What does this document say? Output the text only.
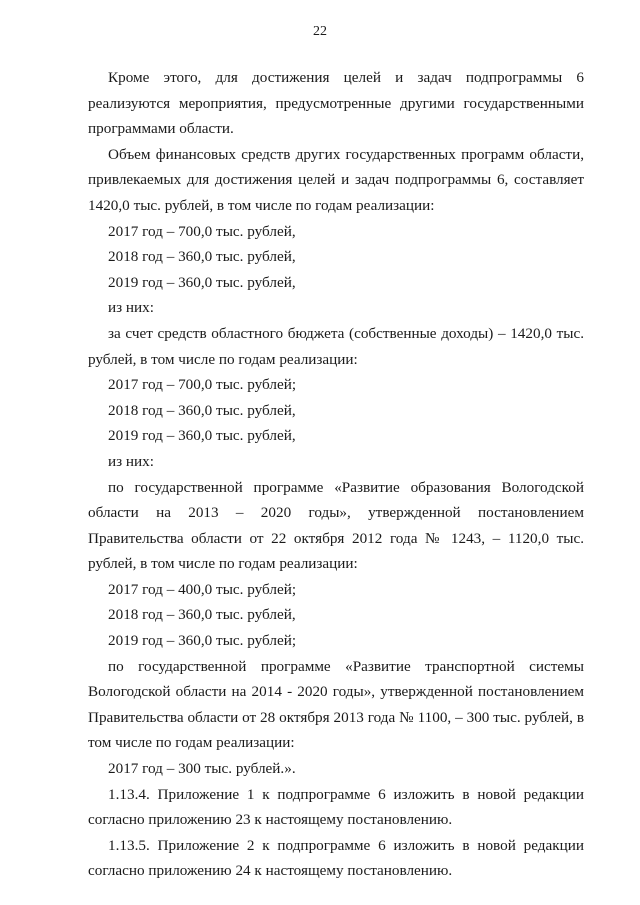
22

Кроме этого, для достижения целей и задач подпрограммы 6 реализуются мероприятия, предусмотренные другими государственными программами области.

Объем финансовых средств других государственных программ области, привлекаемых для достижения целей и задач подпрограммы 6, составляет 1420,0 тыс. рублей, в том числе по годам реализации:

2017 год – 700,0 тыс. рублей,

2018 год – 360,0 тыс. рублей,

2019 год – 360,0 тыс. рублей,

из них:

за счет средств областного бюджета (собственные доходы) – 1420,0 тыс. рублей, в том числе по годам реализации:

2017 год – 700,0 тыс. рублей;

2018 год – 360,0 тыс. рублей,

2019 год – 360,0 тыс. рублей,

из них:

по государственной программе «Развитие образования Вологодской области на 2013 – 2020 годы», утвержденной постановлением Правительства области от 22 октября 2012 года № 1243, – 1120,0 тыс. рублей, в том числе по годам реализации:

2017 год – 400,0 тыс. рублей;

2018 год – 360,0 тыс. рублей,

2019 год – 360,0 тыс. рублей;

по государственной программе «Развитие транспортной системы Вологодской области на 2014 - 2020 годы», утвержденной постановлением Правительства области от 28 октября 2013 года № 1100, – 300 тыс. рублей, в том числе по годам реализации:

2017 год – 300 тыс. рублей.».

1.13.4. Приложение 1 к подпрограмме 6 изложить в новой редакции согласно приложению 23 к настоящему постановлению.

1.13.5. Приложение 2 к подпрограмме 6 изложить в новой редакции согласно приложению 24 к настоящему постановлению.
